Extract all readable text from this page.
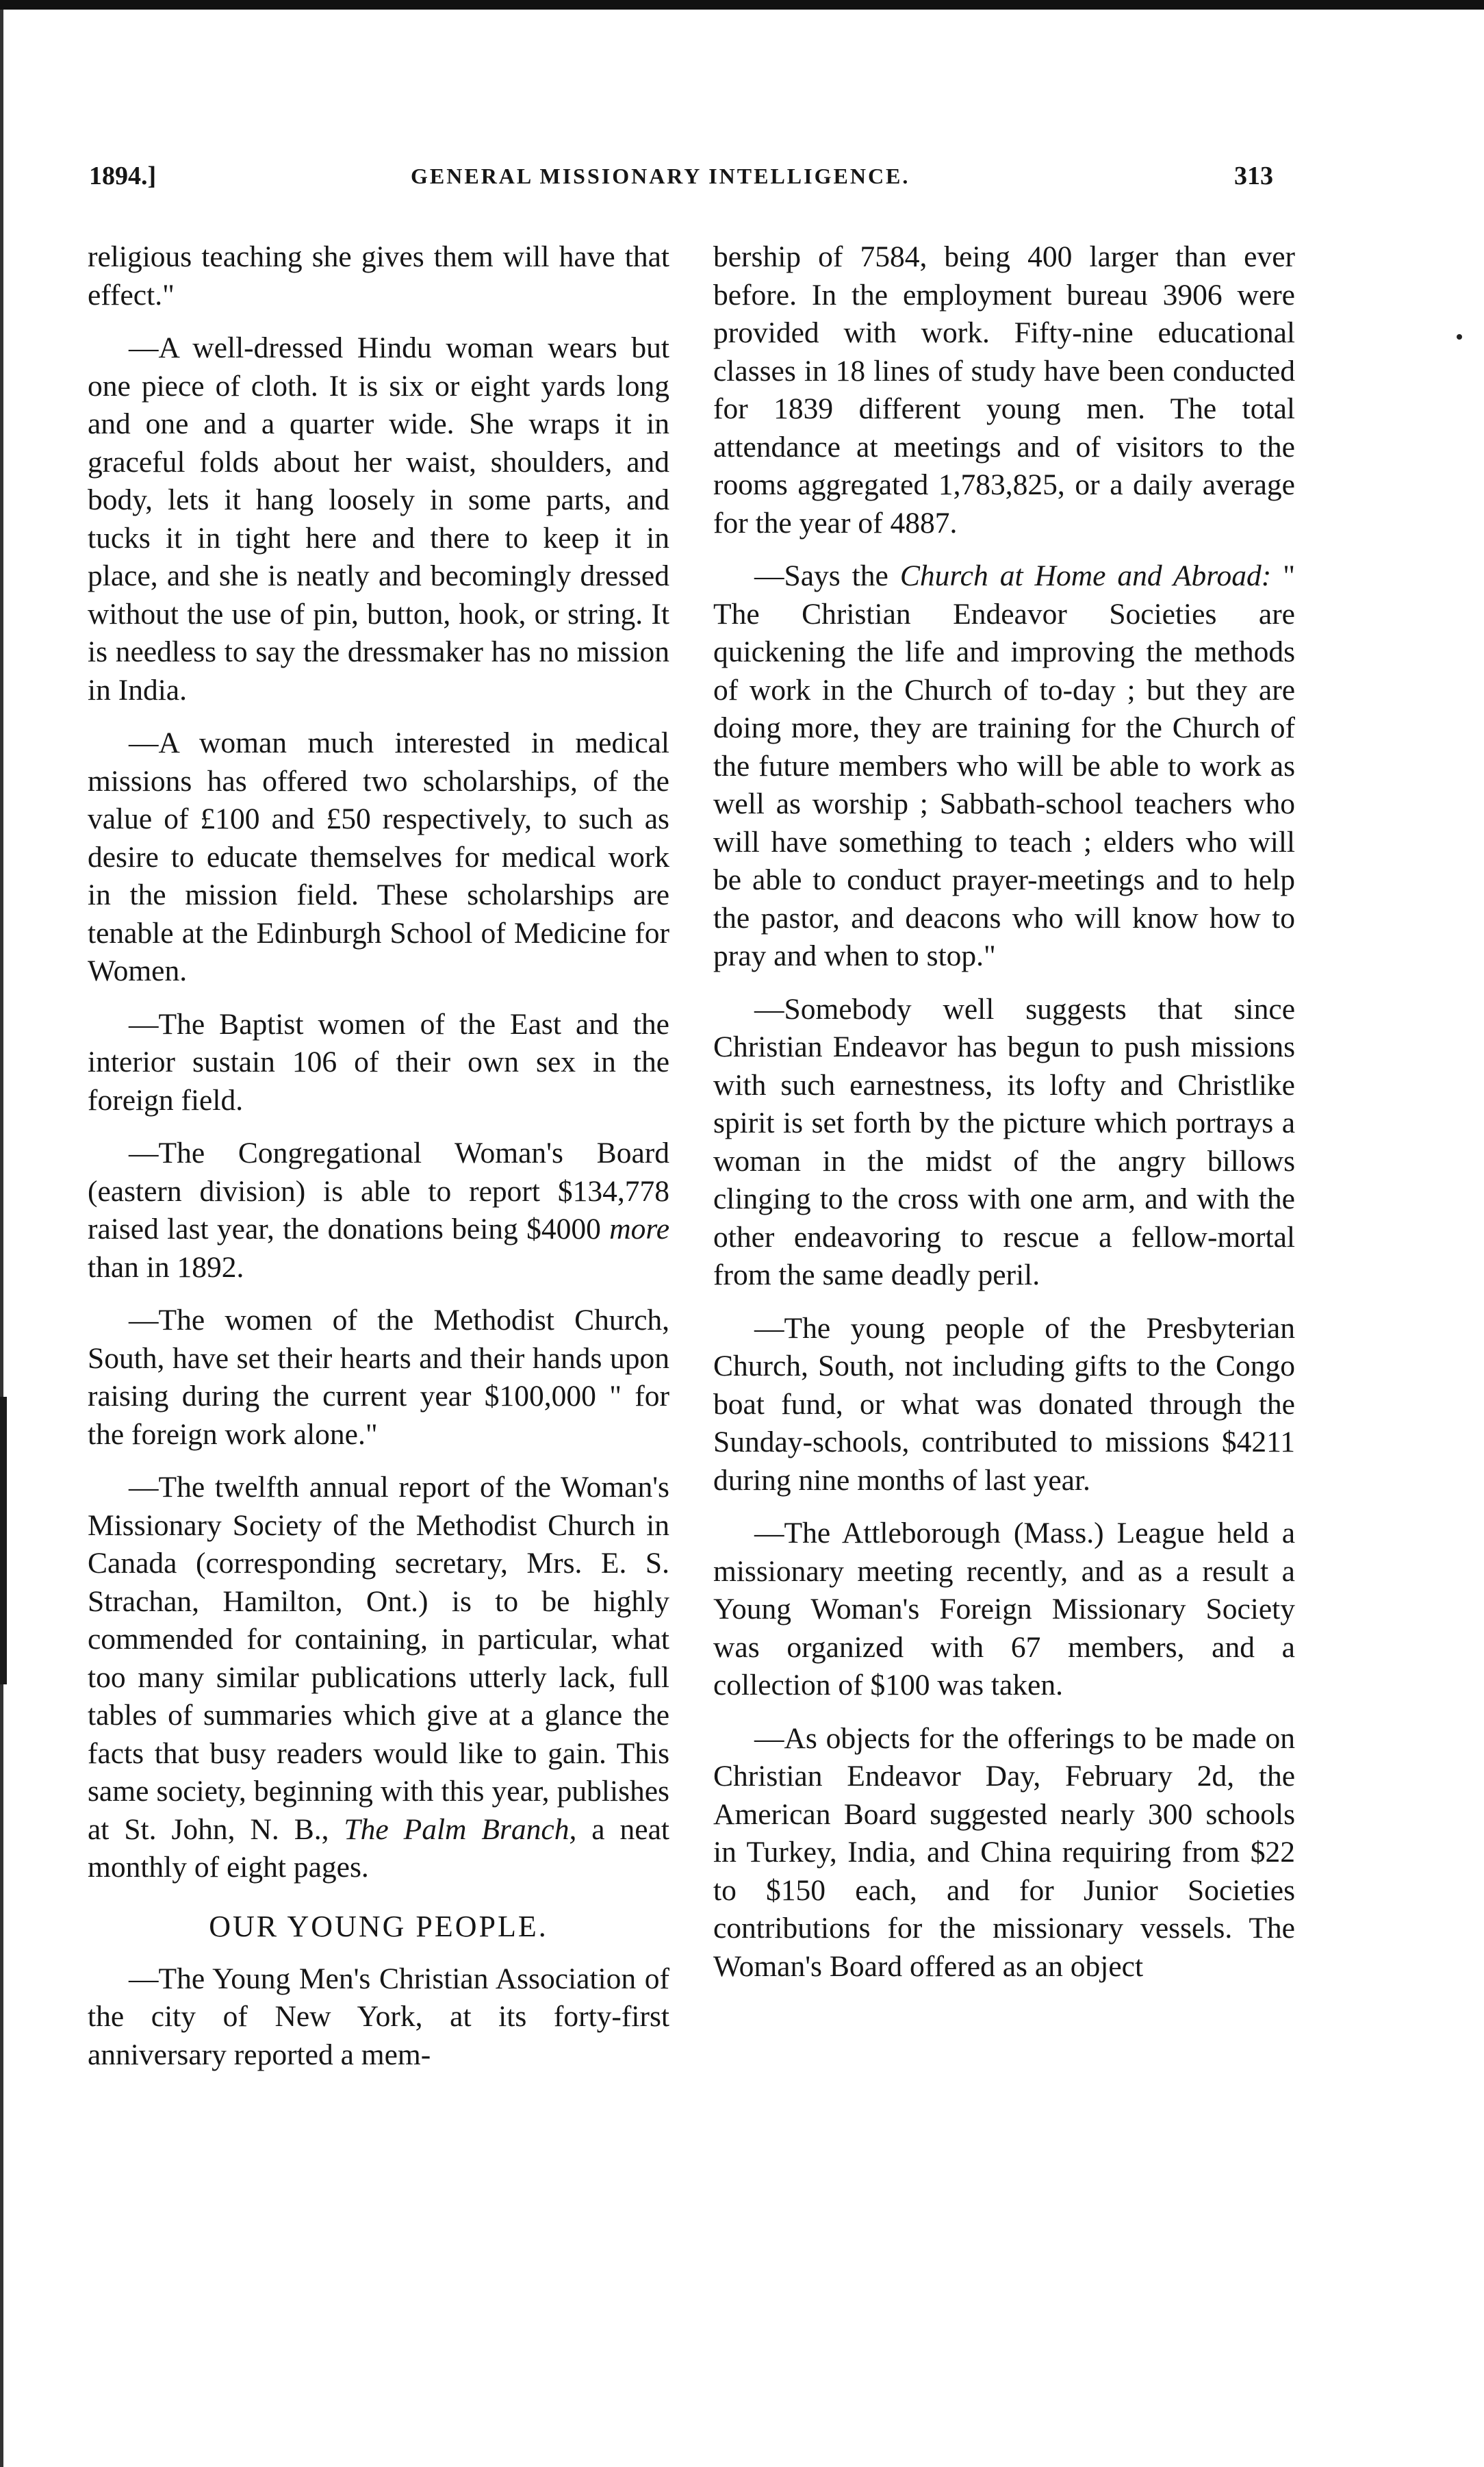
1894.]	GENERAL MISSIONARY INTELLIGENCE.	313

religious teaching she gives them will have that effect."

—A well-dressed Hindu woman wears but one piece of cloth. It is six or eight yards long and one and a quarter wide. She wraps it in graceful folds about her waist, shoulders, and body, lets it hang loosely in some parts, and tucks it in tight here and there to keep it in place, and she is neatly and becomingly dressed without the use of pin, button, hook, or string. It is needless to say the dressmaker has no mission in India.

—A woman much interested in medical missions has offered two scholarships, of the value of £100 and £50 respectively, to such as desire to educate themselves for medical work in the mission field. These scholarships are tenable at the Edinburgh School of Medicine for Women.

—The Baptist women of the East and the interior sustain 106 of their own sex in the foreign field.

—The Congregational Woman's Board (eastern division) is able to report $134,778 raised last year, the donations being $4000 more than in 1892.

—The women of the Methodist Church, South, have set their hearts and their hands upon raising during the current year $100,000 " for the foreign work alone."

—The twelfth annual report of the Woman's Missionary Society of the Methodist Church in Canada (corresponding secretary, Mrs. E. S. Strachan, Hamilton, Ont.) is to be highly commended for containing, in particular, what too many similar publications utterly lack, full tables of summaries which give at a glance the facts that busy readers would like to gain. This same society, beginning with this year, publishes at St. John, N. B., The Palm Branch, a neat monthly of eight pages.

OUR YOUNG PEOPLE.

—The Young Men's Christian Association of the city of New York, at its forty-first anniversary reported a mem-

bership of 7584, being 400 larger than ever before. In the employment bureau 3906 were provided with work. Fifty-nine educational classes in 18 lines of study have been conducted for 1839 different young men. The total attendance at meetings and of visitors to the rooms aggregated 1,783,825, or a daily average for the year of 4887.

—Says the Church at Home and Abroad: " The Christian Endeavor Societies are quickening the life and improving the methods of work in the Church of to-day ; but they are doing more, they are training for the Church of the future members who will be able to work as well as worship ; Sabbath-school teachers who will have something to teach ; elders who will be able to conduct prayer-meetings and to help the pastor, and deacons who will know how to pray and when to stop."

—Somebody well suggests that since Christian Endeavor has begun to push missions with such earnestness, its lofty and Christlike spirit is set forth by the picture which portrays a woman in the midst of the angry billows clinging to the cross with one arm, and with the other endeavoring to rescue a fellow-mortal from the same deadly peril.

—The young people of the Presbyterian Church, South, not including gifts to the Congo boat fund, or what was donated through the Sunday-schools, contributed to missions $4211 during nine months of last year.

—The Attleborough (Mass.) League held a missionary meeting recently, and as a result a Young Woman's Foreign Missionary Society was organized with 67 members, and a collection of $100 was taken.

—As objects for the offerings to be made on Christian Endeavor Day, February 2d, the American Board suggested nearly 300 schools in Turkey, India, and China requiring from $22 to $150 each, and for Junior Societies contributions for the missionary vessels. The Woman's Board offered as an object
